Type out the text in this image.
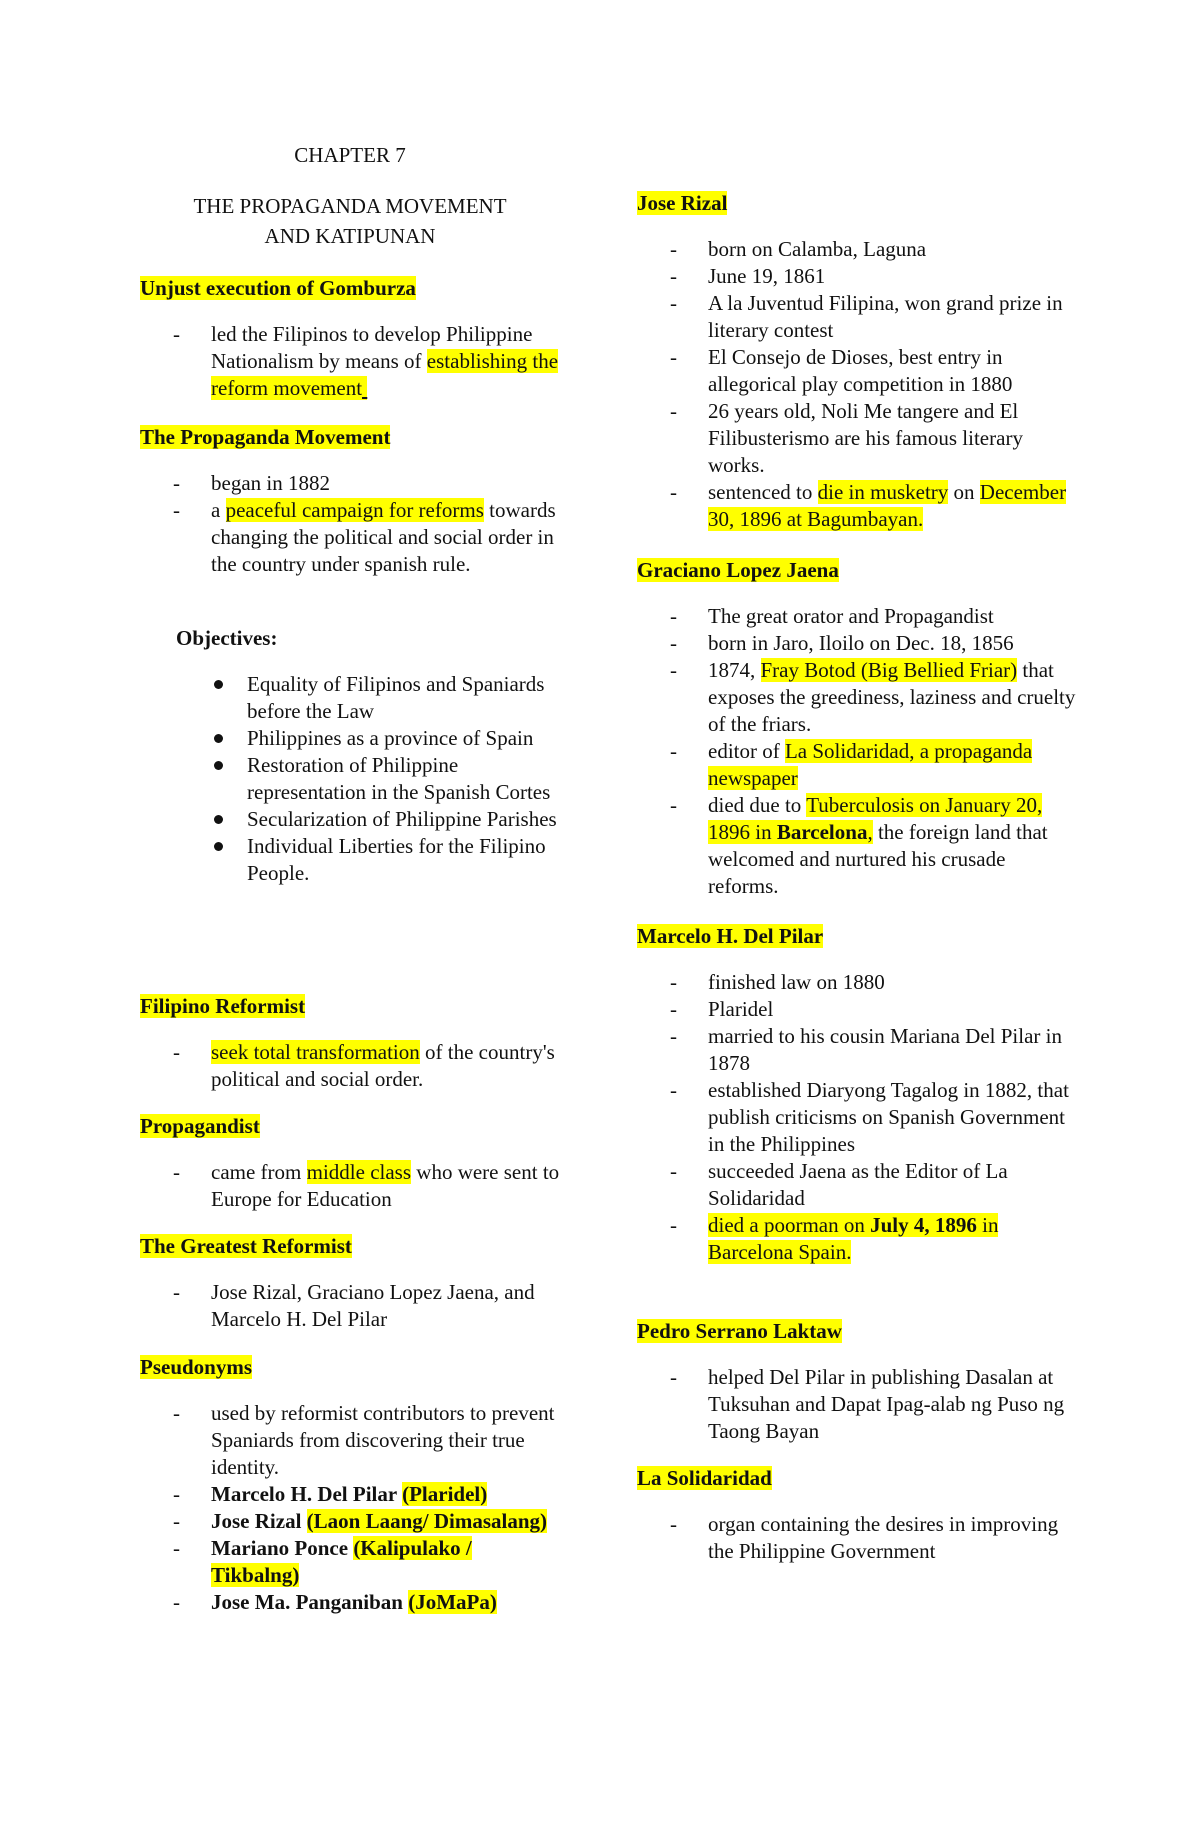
CHAPTER 7
THE PROPAGANDA MOVEMENT
AND KATIPUNAN
Unjust execution of Gomburza
- led the Filipinos to develop Philippine Nationalism by means of establishing the reform movement
The Propaganda Movement
- began in 1882
- a peaceful campaign for reforms towards changing the political and social order in the country under spanish rule.
Objectives:
Equality of Filipinos and Spaniards before the Law
Philippines as a province of Spain
Restoration of Philippine representation in the Spanish Cortes
Secularization of Philippine Parishes
Individual Liberties for the Filipino People.
Filipino Reformist
- seek total transformation of the country's political and social order.
Propagandist
- came from middle class who were sent to Europe for Education
The Greatest Reformist
- Jose Rizal, Graciano Lopez Jaena, and Marcelo H. Del Pilar
Pseudonyms
- used by reformist contributors to prevent Spaniards from discovering their true identity.
- Marcelo H. Del Pilar (Plaridel)
- Jose Rizal (Laon Laang/ Dimasalang)
- Mariano Ponce (Kalipulako / Tikbalng)
- Jose Ma. Panganiban (JoMaPa)
Jose Rizal
- born on Calamba, Laguna
- June 19, 1861
- A la Juventud Filipina, won grand prize in literary contest
- El Consejo de Dioses, best entry in allegorical play competition in 1880
- 26 years old, Noli Me tangere and El Filibusterismo are his famous literary works.
- sentenced to die in musketry on December 30, 1896 at Bagumbayan.
Graciano Lopez Jaena
- The great orator and Propagandist
- born in Jaro, Iloilo on Dec. 18, 1856
- 1874, Fray Botod (Big Bellied Friar) that exposes the greediness, laziness and cruelty of the friars.
- editor of La Solidaridad, a propaganda newspaper
- died due to Tuberculosis on January 20, 1896 in Barcelona, the foreign land that welcomed and nurtured his crusade reforms.
Marcelo H. Del Pilar
- finished law on 1880
- Plaridel
- married to his cousin Mariana Del Pilar in 1878
- established Diaryong Tagalog in 1882, that publish criticisms on Spanish Government in the Philippines
- succeeded Jaena as the Editor of La Solidaridad
- died a poorman on July 4, 1896 in Barcelona Spain.
Pedro Serrano Laktaw
- helped Del Pilar in publishing Dasalan at Tuksuhan and Dapat Ipag-alab ng Puso ng Taong Bayan
La Solidaridad
- organ containing the desires in improving the Philippine Government
